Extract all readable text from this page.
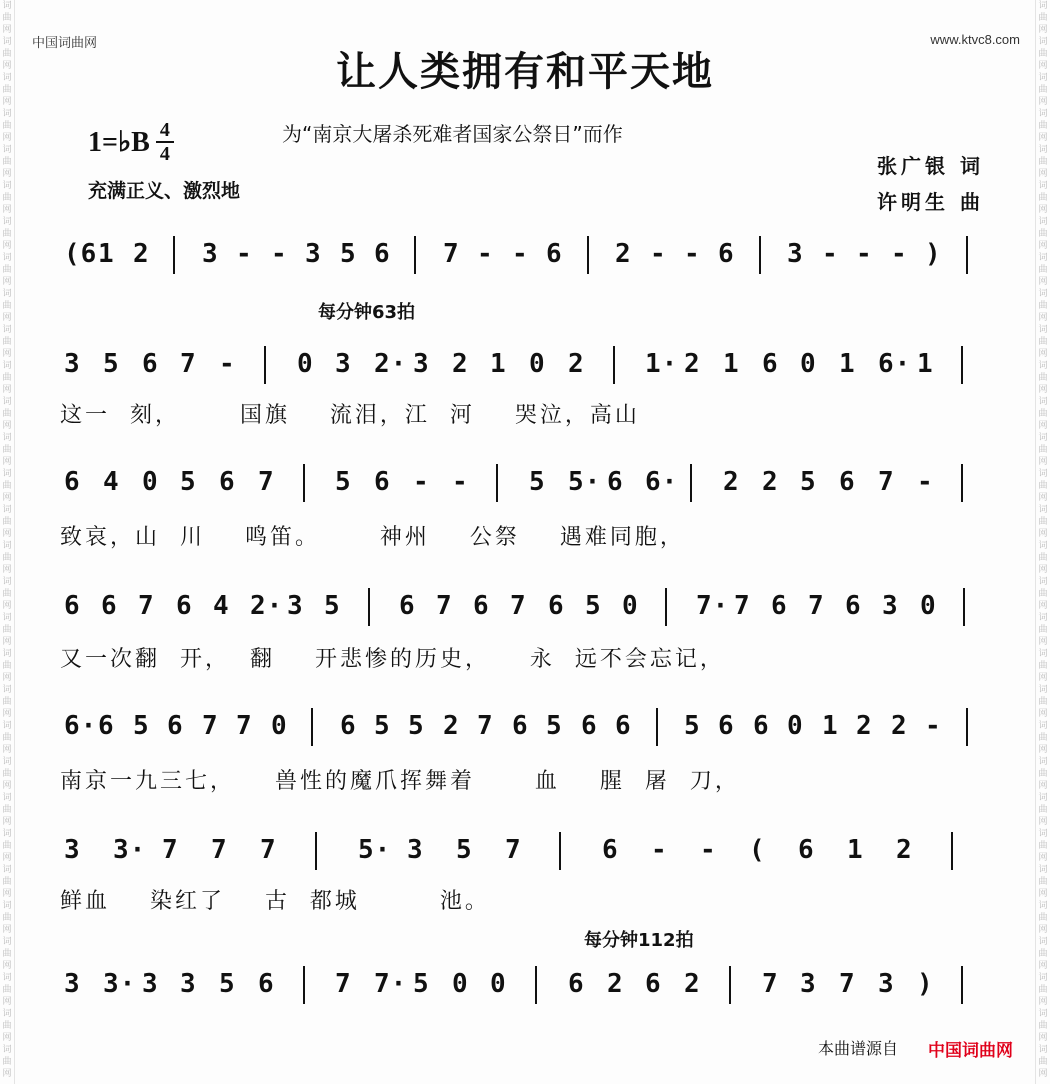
词
曲
网
词
曲
网
词
曲
网
词
曲
网
词
曲
网
词
曲
网
词
曲
网
词
曲
网
词
曲
网
词
曲
网
词
曲
网
词
曲
网
词
曲
网
词
曲
网
词
曲
网
词
曲
网
词
曲
网
词
曲
网
词
曲
网
词
曲
网
词
曲
网
词
曲
网
词
曲
网
词
曲
网
词
曲
网
词
曲
网
词
曲
网
词
曲
网
词
曲
网
词
曲
网
词
曲
网
词
曲
网
词
曲
网
词
曲
网
词
曲
网
词
曲
网
词
曲
网
词
曲
网
词
曲
网
词
曲
网
词
曲
网
词
曲
网
词
曲
网
词
曲
网
词
曲
网
词
曲
网
词
曲
网
词
曲
网
词
曲
网
词
曲
网
词
曲
网
词
曲
网
词
曲
网
词
曲
网
词
曲
网
词
曲
网
词
曲
网
词
曲
网
词
曲
网
词
曲
网
中国词曲网	www.ktvc8.com
让人类拥有和平天地
1=♭B 4
4
为“南京大屠杀死难者国家公祭日”而作
张广银 词
许明生 曲
充满正义、激烈地
每分钟63拍
每分钟112拍
(6 1 2 3 - - 3 5 6 7 - - 6 2 - - 6 3 - - - )
3 5 6 7 - 0 3 2· 3 2 1 0 2 1· 2 1 6 0 1 6· 1
这一  刻，      国旗    流泪，江  河    哭泣，高山
6 4 0 5 6 7 5 6 - - 5 5· 6 6· 2 2 5 6 7 -
致哀，山  川    鸣笛。      神州    公祭    遇难同胞，
6 6 7 6 4 2· 3 5 6 7 6 7 6 5 0 7· 7 6 7 6 3 0
又一次翻  开，  翻    开悲惨的历史，    永  远不会忘记，
6· 6 5 6 7 7 0 6 5 5 2 7 6 5 6 6 5 6 6 0 1 2 2 -
南京一九三七，    兽性的魔爪挥舞着      血    腥  屠  刀，
3 3· 7 7 7	5· 3 5 7	6 - - ( 6 1 2
鲜血    染红了    古  都城        池。
3 3· 3 3 5 6 7 7· 5 0 0 6 2 6 2 7 3 7 3 )
本曲谱源自 中国词曲网
